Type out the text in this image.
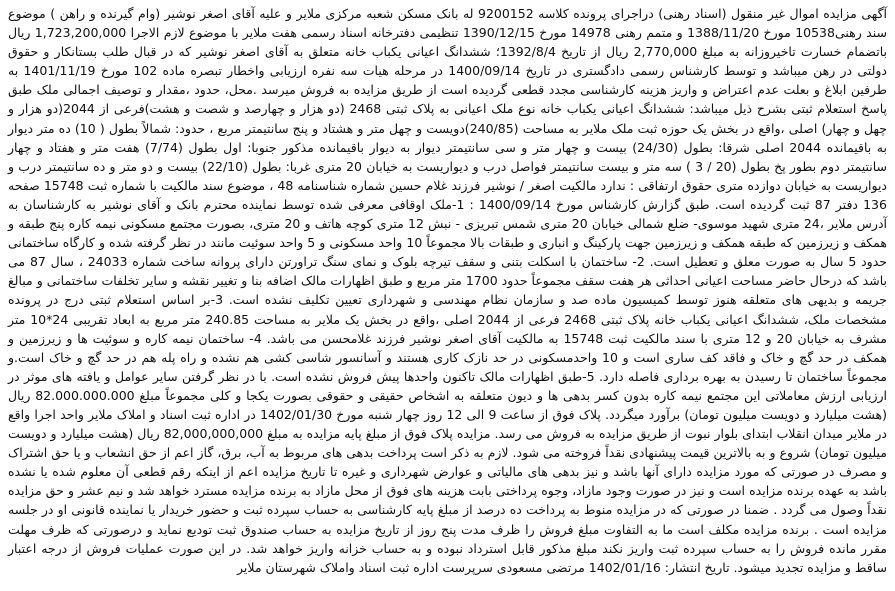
آگهی مزایده اموال غیر منقول (اسناد رهنی) دراجرای پرونده کلاسه 9200152 له بانک مسکن شعبه مرکزی ملایر و علیه آقای اصغر نوشیر (وام گیرنده و راهن ) موضوع سند رهنی10538 مورخ 1388/11/20 و متمم رهنی 14978 مورخ 1390/12/15 تنظیمی دفترخانه اسناد رسمی هفت ملایر با موضوع لازم الاجرا 1,723,200,000 ریال باتضمام خسارت تاخیروزانه به مبلغ 2,770,000 ریال از تاریخ 1392/8/4؛ ششدانگ اعیانی یکباب خانه متعلق به آقای اصغر نوشیر که در قبال طلب بستانکار و حقوق دولتی در رهن میباشد و توسط کارشناس رسمی دادگستری در تاریخ 1400/09/14 در مرحله هیات سه نفره ارزیابی واخطار تبصره ماده 102 مورخ 1401/11/19 به طرفین ابلاغ و بعلت عدم اعتراض و واریز هزینه کارشناسی مجدد قطعی گردیده است از طریق مزایده به فروش میرسد .محل، حدود ،مقدار و توصیف اجمالی ملک طبق پاسخ استعلام ثبتی بشرح ذیل میباشد: ششدانگ اعیانی یکباب خانه نوع ملک اعیانی به پلاک ثبتی 2468 (دو هزار و چهارصد و شصت و هشت)فرعی از 2044(دو هزار و چهل و چهار) اصلی ،واقع در بخش یک حوزه ثبت ملک ملایر به مساحت (240/85)دویست و چهل متر و هشتاد و پنج سانتیمتر مربع ، حدود: شمالاً بطول ( 10) ده متر دیوار به باقیمانده 2044 اصلی شرقا: بطول (24/30) بیست و چهار متر و سی سانتیمتر دیوار به دیوار باقیمانده مذکور جنوبا: اول بطول (7/74) هفت متر و هفتاد و چهار سانتیمتر دوم بطور پخ بطول (20 / 3 ) سه متر و بیست سانتیمتر فواصل درب و دیواریست به خیابان 20 متری غربا: بطول (22/10) بیست و دو متر و ده سانتیمتر درب و دیواریست به خیابان دوازده متری حقوق ارتفاقی : ندارد مالکیت اصغر / نوشیر فرزند غلام حسین شماره شناسنامه 48 ، موضوع سند مالکیت با شماره ثبت 15748 صفحه 136 دفتر 87 ثبت گردیده است. طبق گزارش کارشناس مورخ 1400/09/14 : 1-ملک اوقافی معرفی شده توسط نماینده محترم بانک و آقای نوشیر به کارشناسان به آدرس ملایر ،24 متری شهید موسوی- ضلع شمالی خیابان 20 متری شمس تبریزی - نبش 12 متری کوچه هاتف و 20 متری، بصورت مجتمع مسکونی نیمه کاره پنج طبقه و همکف و زیرزمین که طبقه همکف و زیرزمین جهت پارکینگ و انباری و طبقات بالا مجموعاً 10 واحد مسکونی و 5 واحد سوئیت مانند در نظر گرفته شده و کارگاه ساختمانی حدود 5 سال به صورت معلق و تعطیل است. 2- ساختمان با اسکلت بتنی و سقف تیرچه بلوک و نمای سنگ تراورتن دارای پروانه ساخت شماره 24033 ، سال 87 می باشد که درحال حاضر مساحت اعیانی احداثی هر هفت سقف مجموعاً حدود 1700 متر مربع و طبق اظهارات مالک اضافه بنا و تغییر نقشه و سایر تخلفات ساختمانی و مبالغ جریمه و بدیهی های متعلقه هنوز توسط کمیسیون ماده صد و سازمان نظام مهندسی و شهرداری تعیین تکلیف نشده است. 3-بر اساس استعلام ثبتی درج در پرونده مشخصات ملک، ششدانگ اعیانی یکباب خانه پلاک ثبتی 2468 فرعی از 2044 اصلی ،واقع در بخش یک ملایر به مساحت 240.85 متر مربع به ابعاد تقریبی 24*10 متر مشرف به خیابان 20 و 12 متری با سند مالکیت ثبت 15748 به مالکیت آقای اصغر نوشیر فرزند غلامحسن می باشد. 4- ساختمان نیمه کاره و سوئیت ها و زیرزمین و همکف در حد گچ و خاک و فاقد کف ساری است و 10 واحدمسکونی در حد نازک کاری هستند و آسانسور شاسی کشی هم نشده و راه پله هم در حد گچ و خاک است.و مجموعاً ساختمان تا رسیدن به بهره برداری فاصله دارد. 5-طبق اظهارات مالک تاکنون واحدها پیش فروش نشده است. با در نظر گرفتن سایر عوامل و یافته های موثر در ارزیابی ارزش معاملاتی این مجتمع نیمه کاره بدون کسر بدهی ها و دیون متعلقه به اشخاص حقیقی و حقوقی بصورت یکجا و کلی مجموعاً مبلغ 82.000.000.000 ریال (هشت میلیارد و دویست میلیون تومان) برآورد میگردد. پلاک فوق از ساعت 9 الی 12 روز چهار شنبه مورخ 1402/01/30 در اداره ثبت اسناد و املاک ملایر واحد اجرا واقع در ملایر میدان انقلاب ابتدای بلوار نبوت از طریق مزایده به فروش می رسد. مزایده پلاک فوق از مبلغ پایه مزایده به مبلغ 82,000,000,000 ریال (هشت میلیارد و دویست میلیون تومان) شروع و به بالاترین قیمت پیشنهادی نقداً فروخته می شود. لازم به ذکر است پرداخت بدهی های مربوط به آب، برق، گاز اعم از حق انشعاب و یا حق اشتراک و مصرف در صورتی که مورد مزایده دارای آنها باشد و نیز بدهی های مالیاتی و عوارض شهرداری و غیره تا تاریخ مزایده اعم از اینکه رقم قطعی آن معلوم شده یا نشده باشد به عهده برنده مزایده است و نیز در صورت وجود مازاد، وجوه پرداختی بابت هزینه های فوق از محل مازاد به برنده مزایده مسترد خواهد شد و نیم عشر و حق مزایده نقداً وصول می گردد . ضمنا در صورتی که در مزایده منوط به پرداخت ده درصد از مبلغ پایه کارشناسی به حساب سپرده ثبت و حضور خریدار یا نماینده قانونی او در جلسه مزایده است . برنده مزایده مکلف است ما به التفاوت مبلغ فروش را ظرف مدت پنج روز از تاریخ مزایده به حساب صندوق ثبت تودیع نماید و درصورتی که ظرف مهلت مقرر مانده فروش را به حساب سپرده ثبت واریز نکند مبلغ مذکور قابل استرداد نبوده و به حساب خزانه واریز خواهد شد. در این صورت عملیات فروش از درجه اعتبار ساقط و مزایده تجدید میشود. تاریخ انتشار: 1402/01/16 مرتضی مسعودی سرپرست اداره ثبت اسناد واملاک شهرستان ملایر
